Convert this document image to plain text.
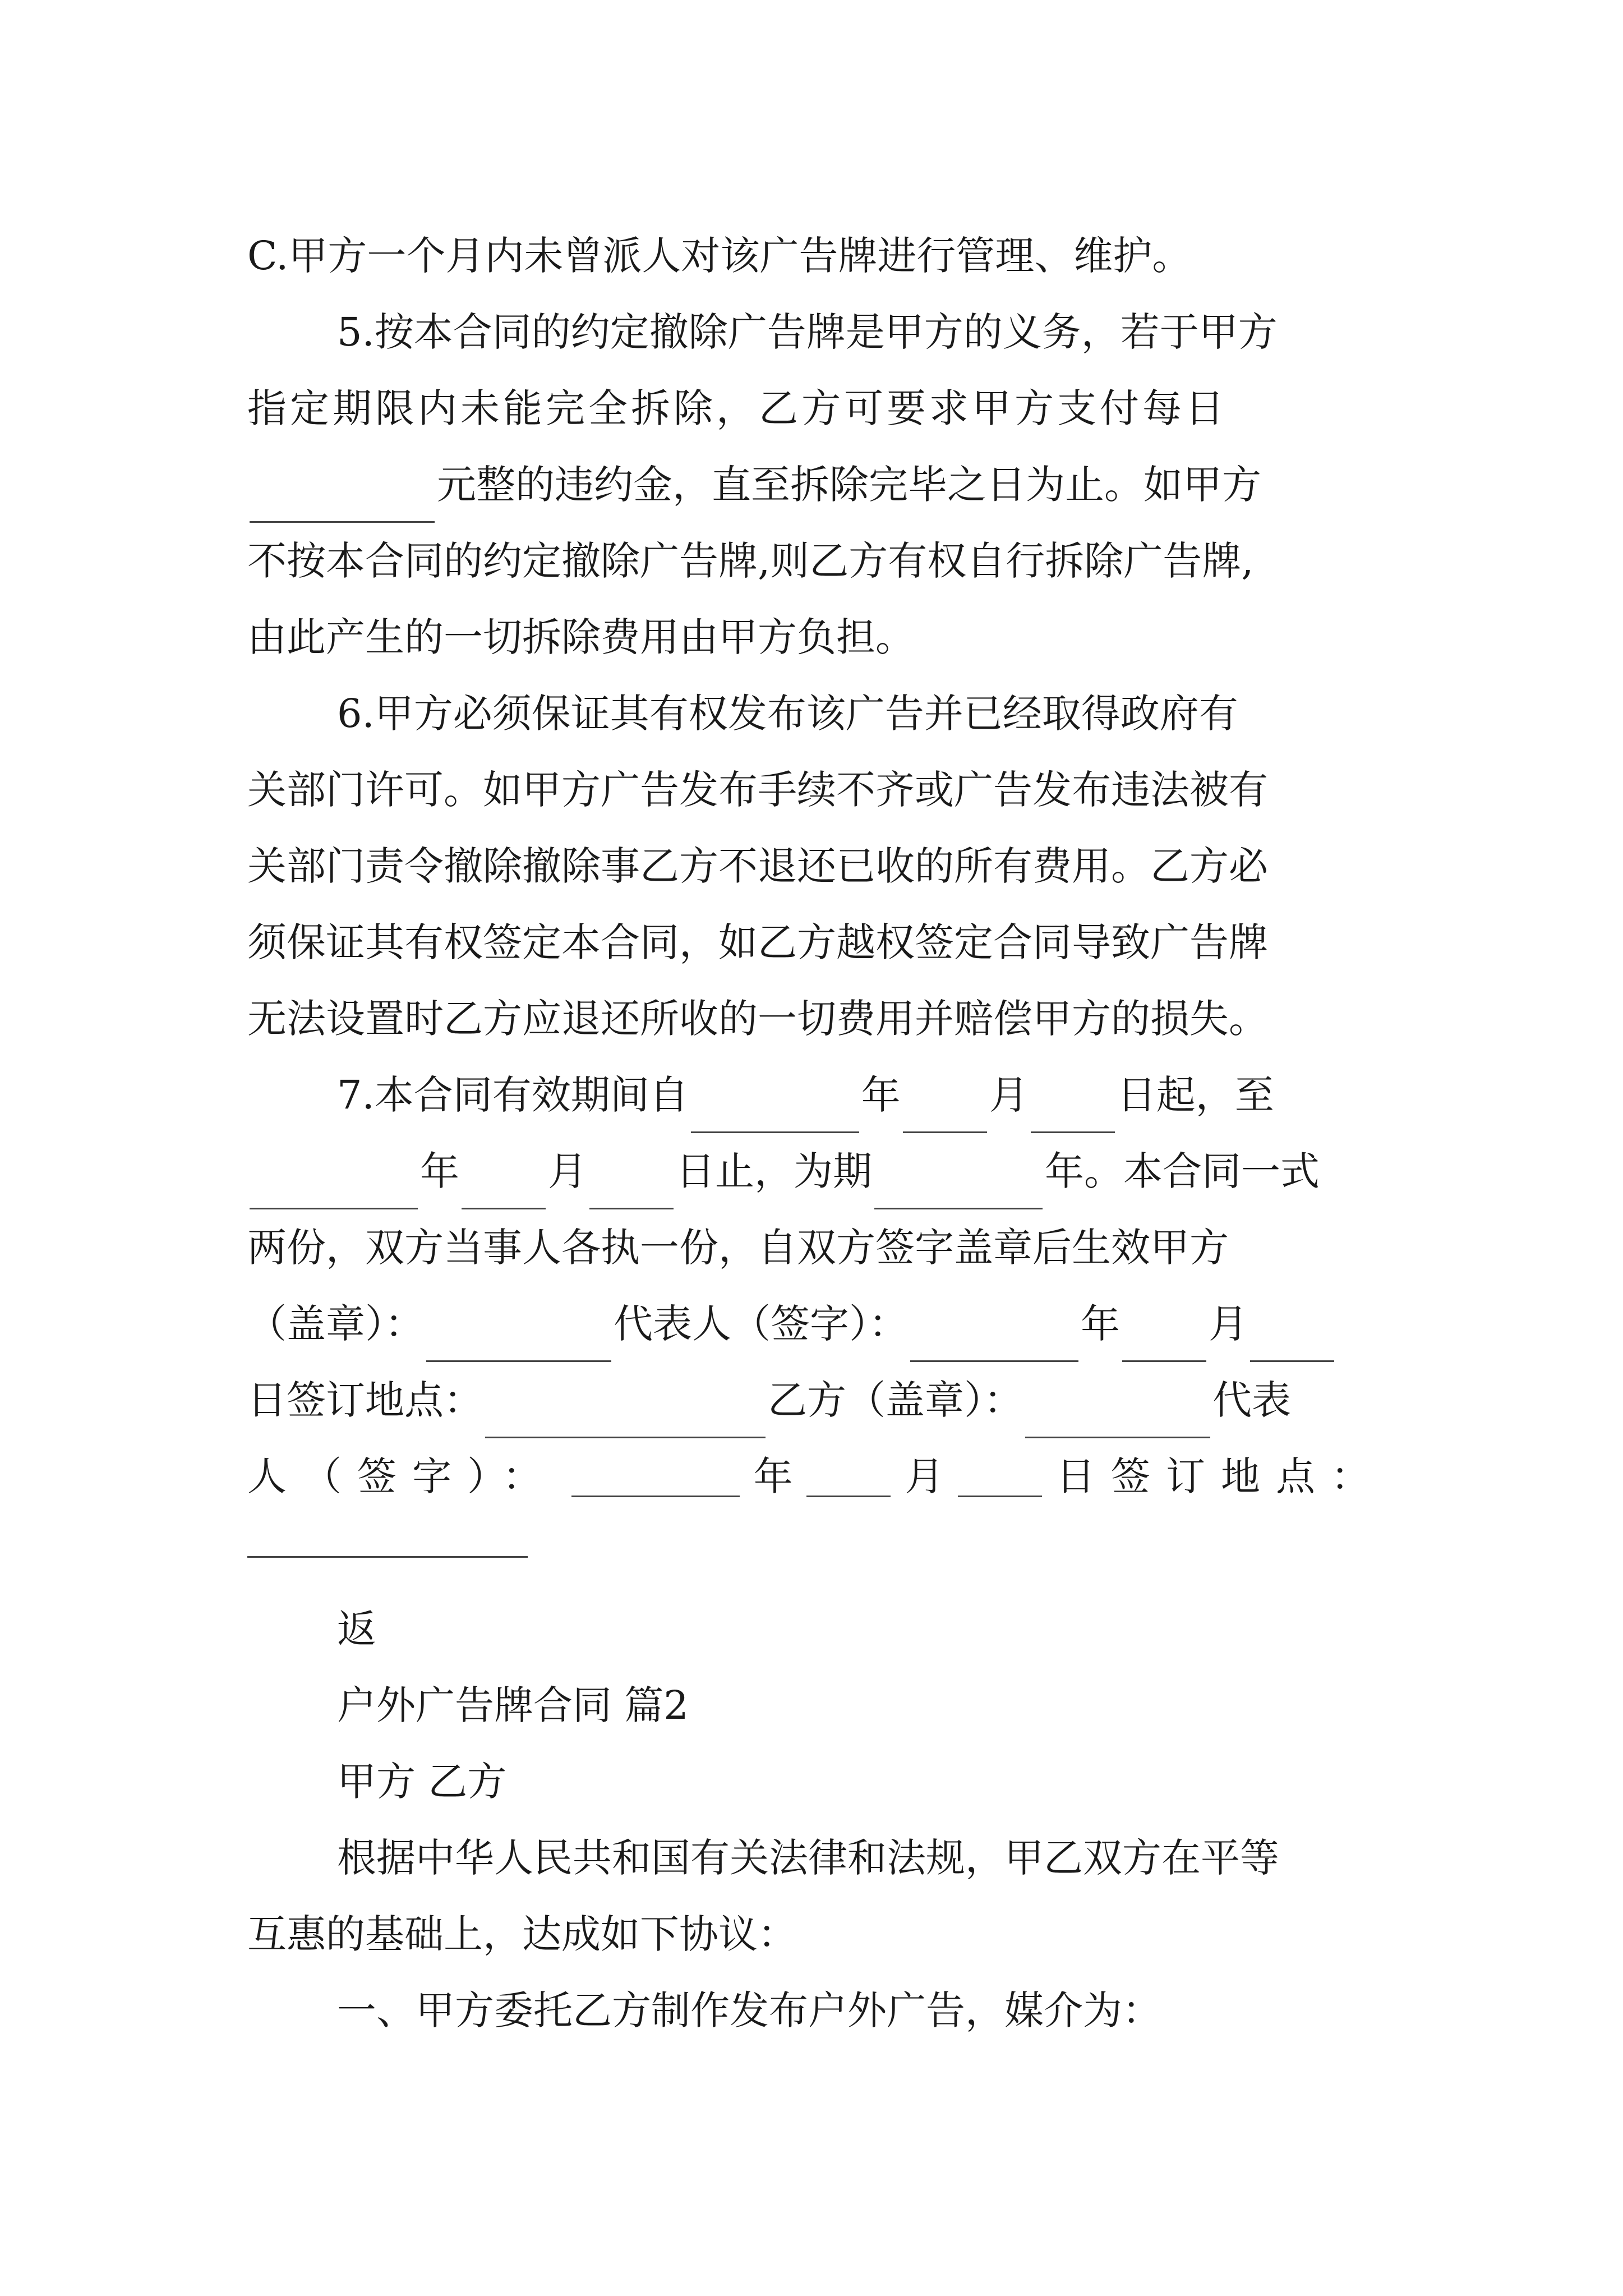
C.甲方一个月内未曾派人对该广告牌进行管理、维护。
5.按本合同的约定撤除广告牌是甲方的义务，若于甲方
指定期限内未能完全拆除，乙方可要求甲方支付每日
元整的违约金，直至拆除完毕之日为止。如甲方
不按本合同的约定撤除广告牌,则乙方有权自行拆除广告牌,
由此产生的一切拆除费用由甲方负担。
6.甲方必须保证其有权发布该广告并已经取得政府有
关部门许可。如甲方广告发布手续不齐或广告发布违法被有
关部门责令撤除撤除事乙方不退还已收的所有费用。乙方必
须保证其有权签定本合同，如乙方越权签定合同导致广告牌
无法设置时乙方应退还所收的一切费用并赔偿甲方的损失。
7.本合同有效期间自	年 月 日起，至
年 月 日止，为期	年。本合同一式
两份，双方当事人各执一份，自双方签字盖章后生效甲方
（盖章）：	代表人（签字）：	年 月
日签订地点：	乙方（盖章）：	代表
人（签字）：	年	月	日签订地点：
返
户外广告牌合同 篇2
甲方 乙方
根据中华人民共和国有关法律和法规，甲乙双方在平等
互惠的基础上，达成如下协议：
一、甲方委托乙方制作发布户外广告，媒介为：
